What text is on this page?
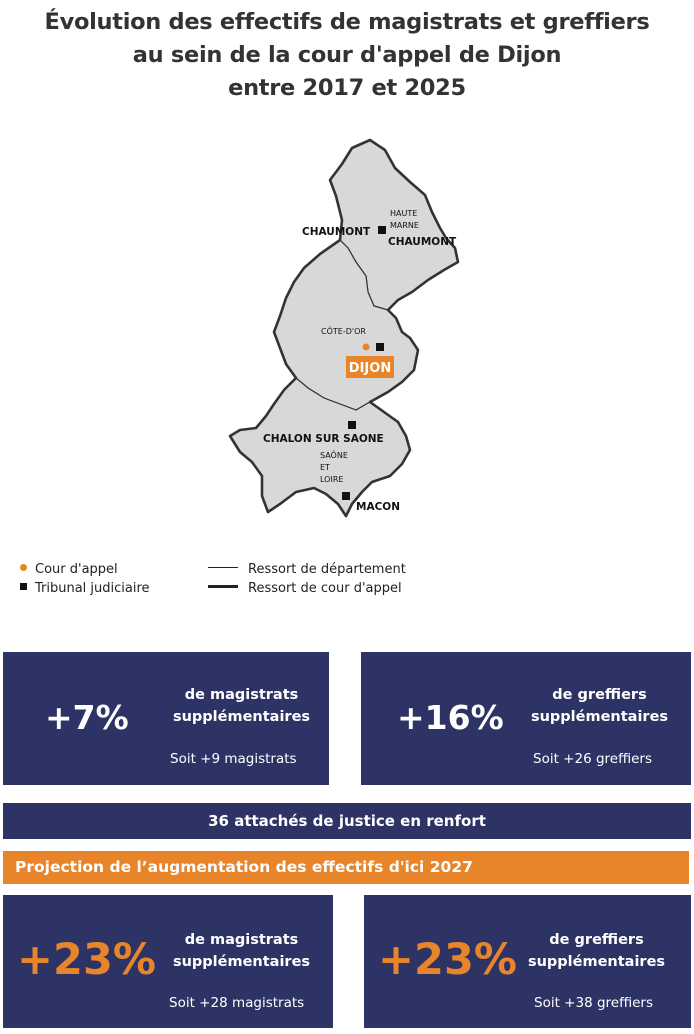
Évolution des effectifs de magistrats et greffiers
au sein de la cour d'appel de Dijon
entre 2017 et 2025
CHAUMONT
HAUTE
MARNE
CHAUMONT
CÔTE-D'OR
DIJON
CHALON SUR SAONE
SAÔNE
ET
LOIRE
MACON
Cour d'appel
Tribunal judiciaire
Ressort de département
Ressort de cour d'appel
+7%
de magistrats
supplémentaires
Soit +9 magistrats
+16%
de greffiers
supplémentaires
Soit +26 greffiers
36 attachés de justice en renfort
Projection de l’augmentation des effectifs d'ici 2027
+23%	de magistrats
supplémentaires
Soit +28 magistrats
+23%	de greffiers
supplémentaires
Soit +38 greffiers
